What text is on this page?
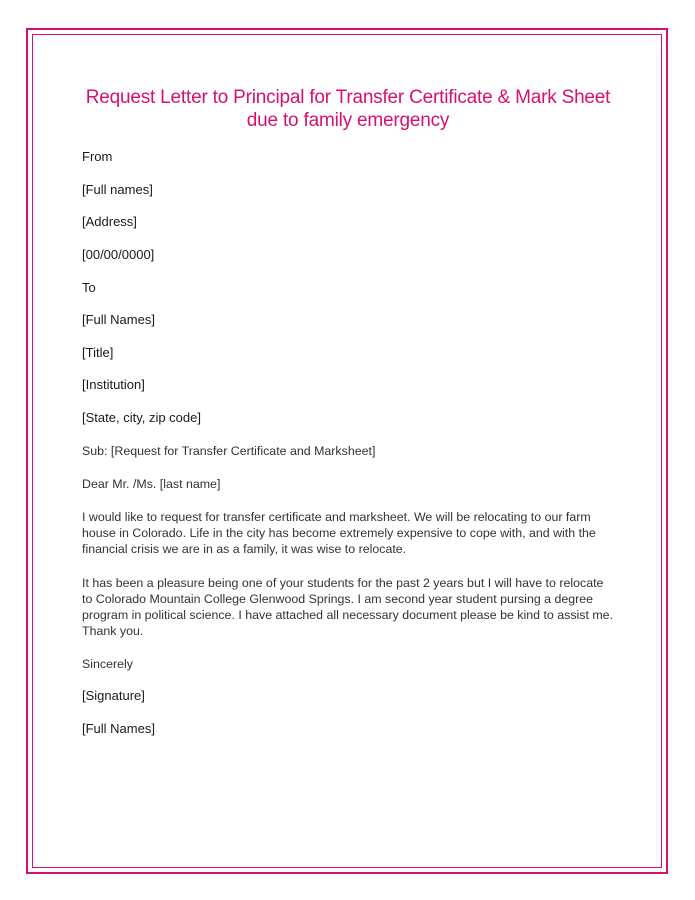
Request Letter to Principal for Transfer Certificate & Mark Sheet
due to family emergency
From
[Full names]
[Address]
[00/00/0000]
To
[Full Names]
[Title]
[Institution]
[State, city, zip code]
Sub: [Request for Transfer Certificate and Marksheet]
Dear Mr. /Ms. [last name]
I would like to request for transfer certificate and marksheet. We will be relocating to our farm
house in Colorado. Life in the city has become extremely expensive to cope with, and with the
financial crisis we are in as a family, it was wise to relocate.
It has been a pleasure being one of your students for the past 2 years but I will have to relocate
to Colorado Mountain College Glenwood Springs. I am second year student pursing a degree
program in political science. I have attached all necessary document please be kind to assist me.
Thank you.
Sincerely
[Signature]
[Full Names]
